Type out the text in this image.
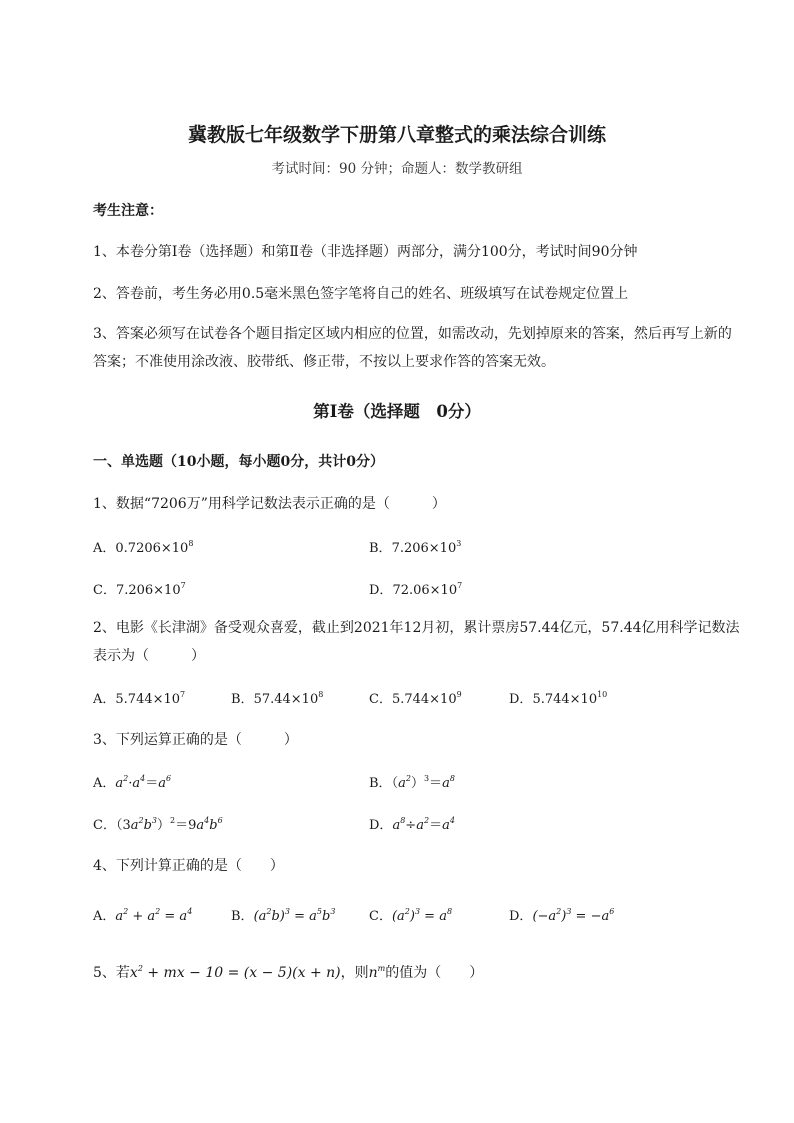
冀教版七年级数学下册第八章整式的乘法综合训练
考试时间：90 分钟；命题人：数学教研组
考生注意：
1、本卷分第Ⅰ卷（选择题）和第Ⅱ卷（非选择题）两部分，满分100分，考试时间90分钟
2、答卷前，考生务必用0.5毫米黑色签字笔将自己的姓名、班级填写在试卷规定位置上
3、答案必须写在试卷各个题目指定区域内相应的位置，如需改动，先划掉原来的答案，然后再写上新的答案；不准使用涂改液、胶带纸、修正带，不按以上要求作答的答案无效。
第Ⅰ卷（选择题　0分）
一、单选题（10小题，每小题0分，共计0分）
1、数据“7206万”用科学记数法表示正确的是（　　　）
A．$0.7206\times 10^8$	B．$7.206\times 10^3$
C．$7.206\times 10^7$	D．$72.06\times 10^7$
2、电影《长津湖》备受观众喜爱，截止到2021年12月初，累计票房57.44亿元，57.44亿用科学记数法表示为（　　　）
A．$5.744\times 10^7$	B．$57.44\times 10^8$	C．$5.744\times 10^9$	D．$5.744\times 10^{10}$
3、下列运算正确的是（　　　）
A．$a^2\cdot a^4=a^6$	B．$(a^2)^3=a^8$
C．$(3a^2b^3)^2=9a^4b^6$	D．$a^8\div a^2=a^4$
4、下列计算正确的是（　　）
A．$a^2 + a^2 = a^4$	B．$(a^2b)^3 = a^5b^3$	C．$(a^2)^3 = a^8$	D．$(-a^2)^3 = -a^6$
5、若$x^2$ + mx − 10 = (x − 5)(x + n)，则$n^m$的值为（　　）
